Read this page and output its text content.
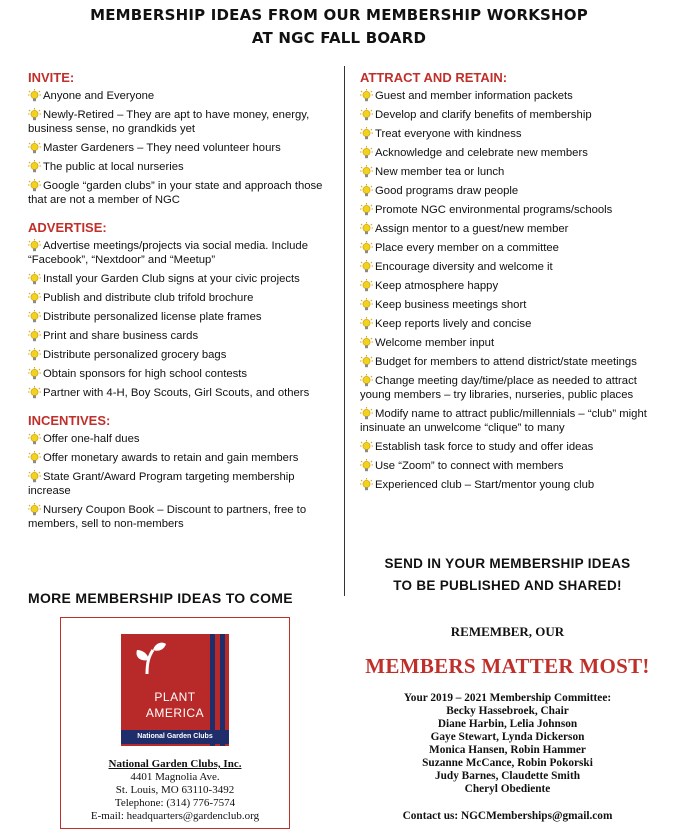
MEMBERSHIP IDEAS FROM OUR MEMBERSHIP WORKSHOP
AT NGC FALL BOARD
INVITE:
Anyone and Everyone
Newly-Retired – They are apt to have money, energy, business sense, no grandkids yet
Master Gardeners – They need volunteer hours
The public at local nurseries
Google “garden clubs” in your state and approach those that are not a member of NGC
ADVERTISE:
Advertise meetings/projects via social media. Include “Facebook”, “Nextdoor” and “Meetup”
Install your Garden Club signs at your civic projects
Publish and distribute club trifold brochure
Distribute personalized license plate frames
Print and share business cards
Distribute personalized grocery bags
Obtain sponsors for high school contests
Partner with 4-H, Boy Scouts, Girl Scouts, and others
INCENTIVES:
Offer one-half dues
Offer monetary awards to retain and gain members
State Grant/Award Program targeting membership increase
Nursery Coupon Book – Discount to partners, free to members, sell to non-members
ATTRACT AND RETAIN:
Guest and member information packets
Develop and clarify benefits of membership
Treat everyone with kindness
Acknowledge and celebrate new members
New member tea or lunch
Good programs draw people
Promote NGC environmental programs/schools
Assign mentor to a guest/new member
Place every member on a committee
Encourage diversity and welcome it
Keep atmosphere happy
Keep business meetings short
Keep reports lively and concise
Welcome member input
Budget for members to attend district/state meetings
Change meeting day/time/place as needed to attract young members – try libraries, nurseries, public places
Modify name to attract public/millennials – “club” might insinuate an unwelcome “clique” to many
Establish task force to study and offer ideas
Use “Zoom” to connect with members
Experienced club – Start/mentor young club
MORE MEMBERSHIP IDEAS TO COME
PLANT
AMERICA
National Garden Clubs
National Garden Clubs, Inc.
4401 Magnolia Ave.
St. Louis, MO 63110-3492
Telephone: (314) 776-7574
E-mail: headquarters@gardenclub.org
SEND IN YOUR MEMBERSHIP IDEAS
TO BE PUBLISHED AND SHARED!
REMEMBER, OUR
MEMBERS MATTER MOST!
Your 2019 – 2021 Membership Committee:
Becky Hassebroek, Chair
Diane Harbin, Lelia Johnson
Gaye Stewart, Lynda Dickerson
Monica Hansen, Robin Hammer
Suzanne McCance, Robin Pokorski
Judy Barnes, Claudette Smith
Cheryl Obediente
Contact us: NGCMemberships@gmail.com
